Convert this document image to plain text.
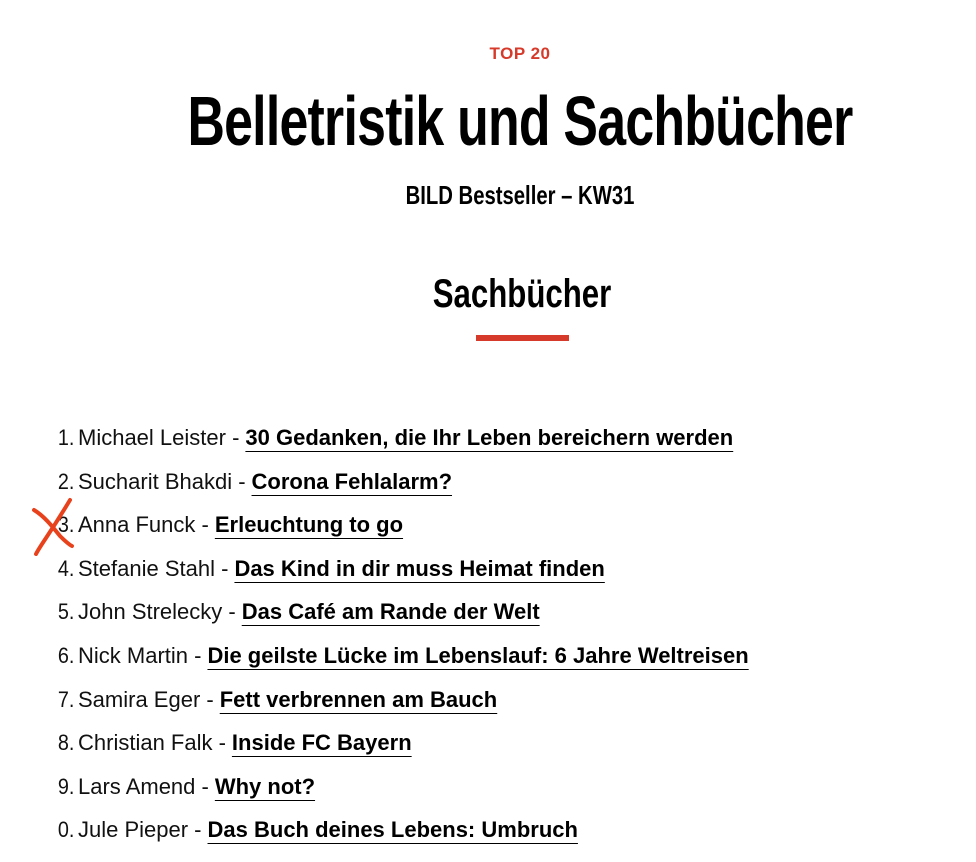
TOP 20
Belletristik und Sachbücher
BILD Bestseller – KW31
Sachbücher
1. Michael Leister - 30 Gedanken, die Ihr Leben bereichern werden
2. Sucharit Bhakdi - Corona Fehlalarm?
3. Anna Funck - Erleuchtung to go
4. Stefanie Stahl - Das Kind in dir muss Heimat finden
5. John Strelecky - Das Café am Rande der Welt
6. Nick Martin - Die geilste Lücke im Lebenslauf: 6 Jahre Weltreisen
7. Samira Eger - Fett verbrennen am Bauch
8. Christian Falk - Inside FC Bayern
9. Lars Amend - Why not?
0. Jule Pieper - Das Buch deines Lebens: Umbruch
